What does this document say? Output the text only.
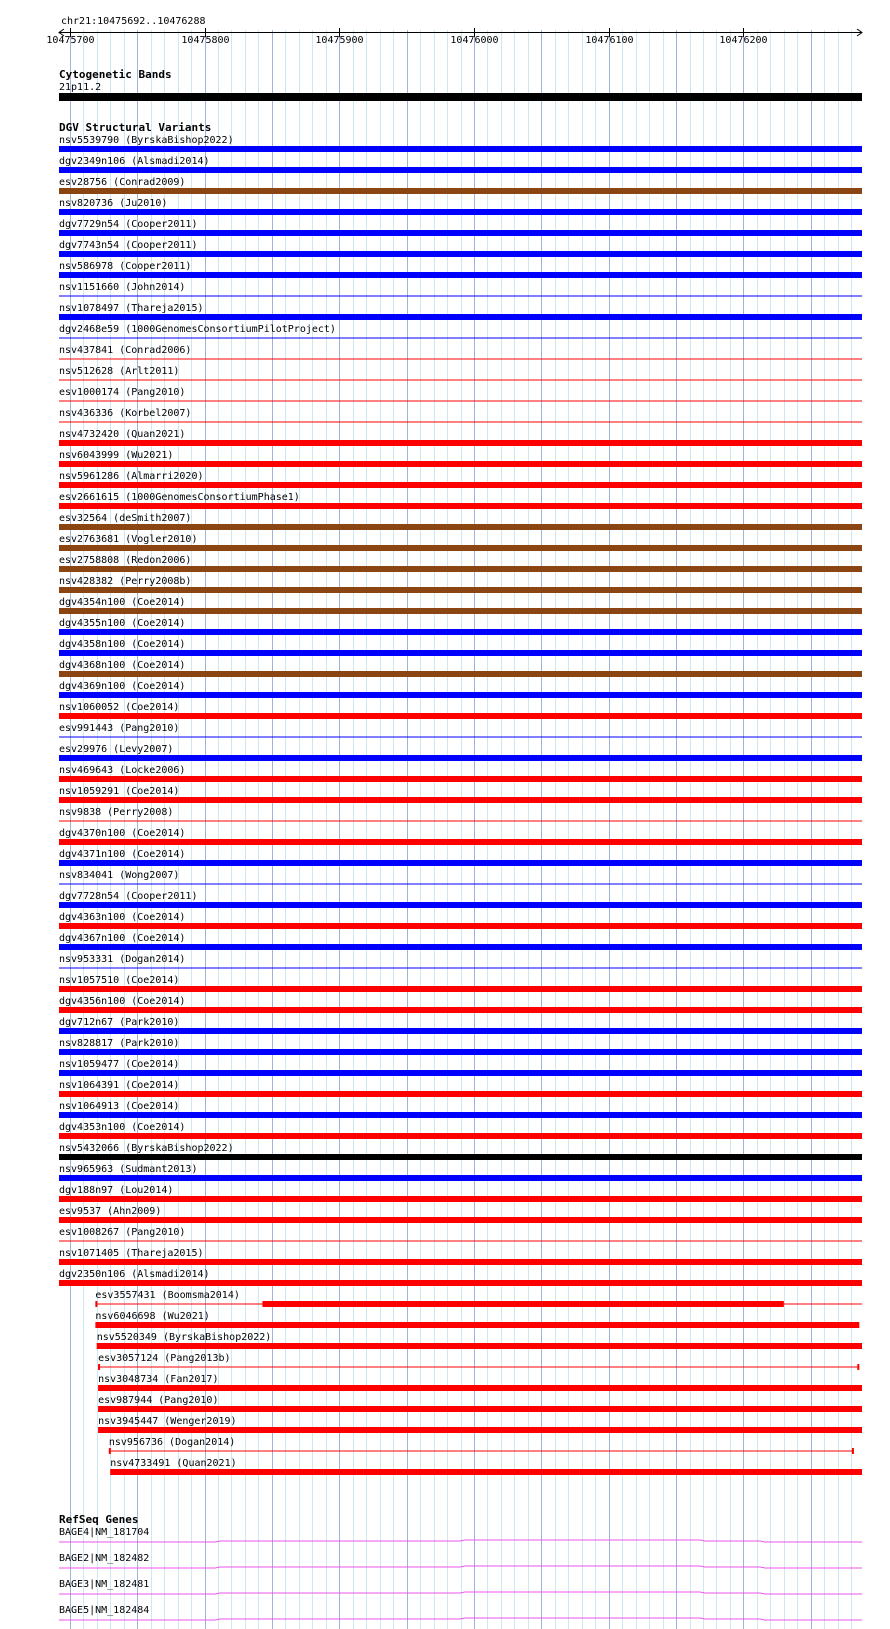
chr21:10475692..10476288
10475700	10475800	10475900	10476000	10476100	10476200
Cytogenetic Bands
21p11.2
DGV Structural Variants
nsv5539790 (ByrskaBishop2022)
dgv2349n106 (Alsmadi2014)
esv28756 (Conrad2009)
nsv820736 (Ju2010)
dgv7729n54 (Cooper2011)
dgv7743n54 (Cooper2011)
nsv586978 (Cooper2011)
nsv1151660 (John2014)
nsv1078497 (Thareja2015)
dgv2468e59 (1000GenomesConsortiumPilotProject)
nsv437841 (Conrad2006)
nsv512628 (Arlt2011)
esv1000174 (Pang2010)
nsv436336 (Korbel2007)
nsv4732420 (Quan2021)
nsv6043999 (Wu2021)
nsv5961286 (Almarri2020)
esv2661615 (1000GenomesConsortiumPhase1)
esv32564 (deSmith2007)
esv2763681 (Vogler2010)
esv2758808 (Redon2006)
nsv428382 (Perry2008b)
dgv4354n100 (Coe2014)
dgv4355n100 (Coe2014)
dgv4358n100 (Coe2014)
dgv4368n100 (Coe2014)
dgv4369n100 (Coe2014)
nsv1060052 (Coe2014)
esv991443 (Pang2010)
esv29976 (Levy2007)
nsv469643 (Locke2006)
nsv1059291 (Coe2014)
nsv9838 (Perry2008)
dgv4370n100 (Coe2014)
dgv4371n100 (Coe2014)
nsv834041 (Wong2007)
dgv7728n54 (Cooper2011)
dgv4363n100 (Coe2014)
dgv4367n100 (Coe2014)
nsv953331 (Dogan2014)
nsv1057510 (Coe2014)
dgv4356n100 (Coe2014)
dgv712n67 (Park2010)
nsv828817 (Park2010)
nsv1059477 (Coe2014)
nsv1064391 (Coe2014)
nsv1064913 (Coe2014)
dgv4353n100 (Coe2014)
nsv5432066 (ByrskaBishop2022)
nsv965963 (Sudmant2013)
dgv188n97 (Lou2014)
esv9537 (Ahn2009)
esv1008267 (Pang2010)
nsv1071405 (Thareja2015)
dgv2350n106 (Alsmadi2014)
esv3557431 (Boomsma2014)
nsv6046698 (Wu2021)
nsv5520349 (ByrskaBishop2022)
esv3057124 (Pang2013b)
nsv3048734 (Fan2017)
esv987944 (Pang2010)
nsv3945447 (Wenger2019)
nsv956736 (Dogan2014)
nsv4733491 (Quan2021)
RefSeq Genes
BAGE4|NM_181704
BAGE2|NM_182482
BAGE3|NM_182481
BAGE5|NM_182484
